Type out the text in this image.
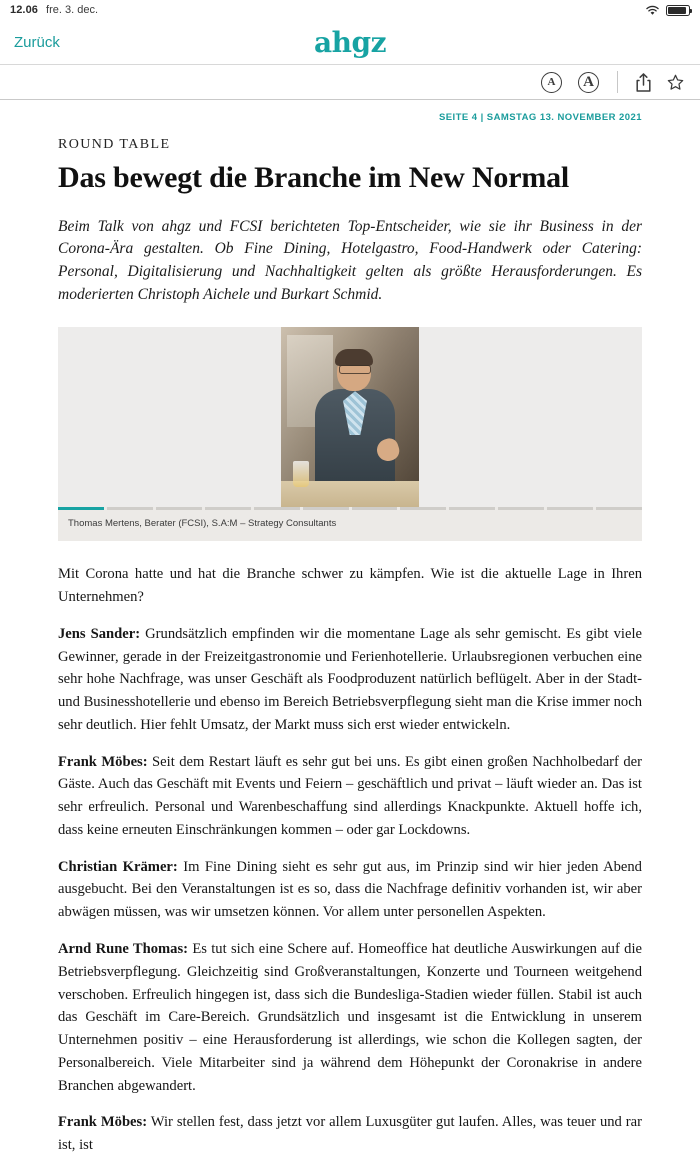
12.06 fre. 3. dec.
Zurück	ahgz
A	A
SEITE 4 | SAMSTAG 13. NOVEMBER 2021
ROUND TABLE
Das bewegt die Branche im New Normal

Beim Talk von ahgz und FCSI berichteten Top-Entscheider, wie sie ihr Business in der Corona-Ära gestalten. Ob Fine Dining, Hotelgastro, Food-Handwerk oder Catering: Personal, Digitalisierung und Nachhaltigkeit gelten als größte Herausforderungen. Es moderierten Christoph Aichele und Burkart Schmid.

Thomas Mertens, Berater (FCSI), S.A:M – Strategy Consultants

Mit Corona hatte und hat die Branche schwer zu kämpfen. Wie ist die aktuelle Lage in Ihren Unternehmen?

Jens Sander: Grundsätzlich empfinden wir die momentane Lage als sehr gemischt. Es gibt viele Gewinner, gerade in der Freizeitgastronomie und Ferienhotellerie. Urlaubsregionen verbuchen eine sehr hohe Nachfrage, was unser Geschäft als Foodproduzent natürlich beflügelt. Aber in der Stadt- und Businesshotellerie und ebenso im Bereich Betriebsverpflegung sieht man die Krise immer noch sehr deutlich. Hier fehlt Umsatz, der Markt muss sich erst wieder entwickeln.

Frank Möbes: Seit dem Restart läuft es sehr gut bei uns. Es gibt einen großen Nachholbedarf der Gäste. Auch das Geschäft mit Events und Feiern – geschäftlich und privat – läuft wieder an. Das ist sehr erfreulich. Personal und Warenbeschaffung sind allerdings Knackpunkte. Aktuell hoffe ich, dass keine erneuten Einschränkungen kommen – oder gar Lockdowns.

Christian Krämer: Im Fine Dining sieht es sehr gut aus, im Prinzip sind wir hier jeden Abend ausgebucht. Bei den Veranstaltungen ist es so, dass die Nachfrage definitiv vorhanden ist, wir aber abwägen müssen, was wir umsetzen können. Vor allem unter personellen Aspekten.

Arnd Rune Thomas: Es tut sich eine Schere auf. Homeoffice hat deutliche Auswirkungen auf die Betriebsverpflegung. Gleichzeitig sind Großveranstaltungen, Konzerte und Tourneen weitgehend verschoben. Erfreulich hingegen ist, dass sich die Bundesliga-Stadien wieder füllen. Stabil ist auch das Geschäft im Care-Bereich. Grundsätzlich und insgesamt ist die Entwicklung in unserem Unternehmen positiv – eine Herausforderung ist allerdings, wie schon die Kollegen sagten, der Personalbereich. Viele Mitarbeiter sind ja während dem Höhepunkt der Coronakrise in andere Branchen abgewandert.

Frank Möbes: Wir stellen fest, dass jetzt vor allem Luxusgüter gut laufen. Alles, was teuer und rar ist, ist
